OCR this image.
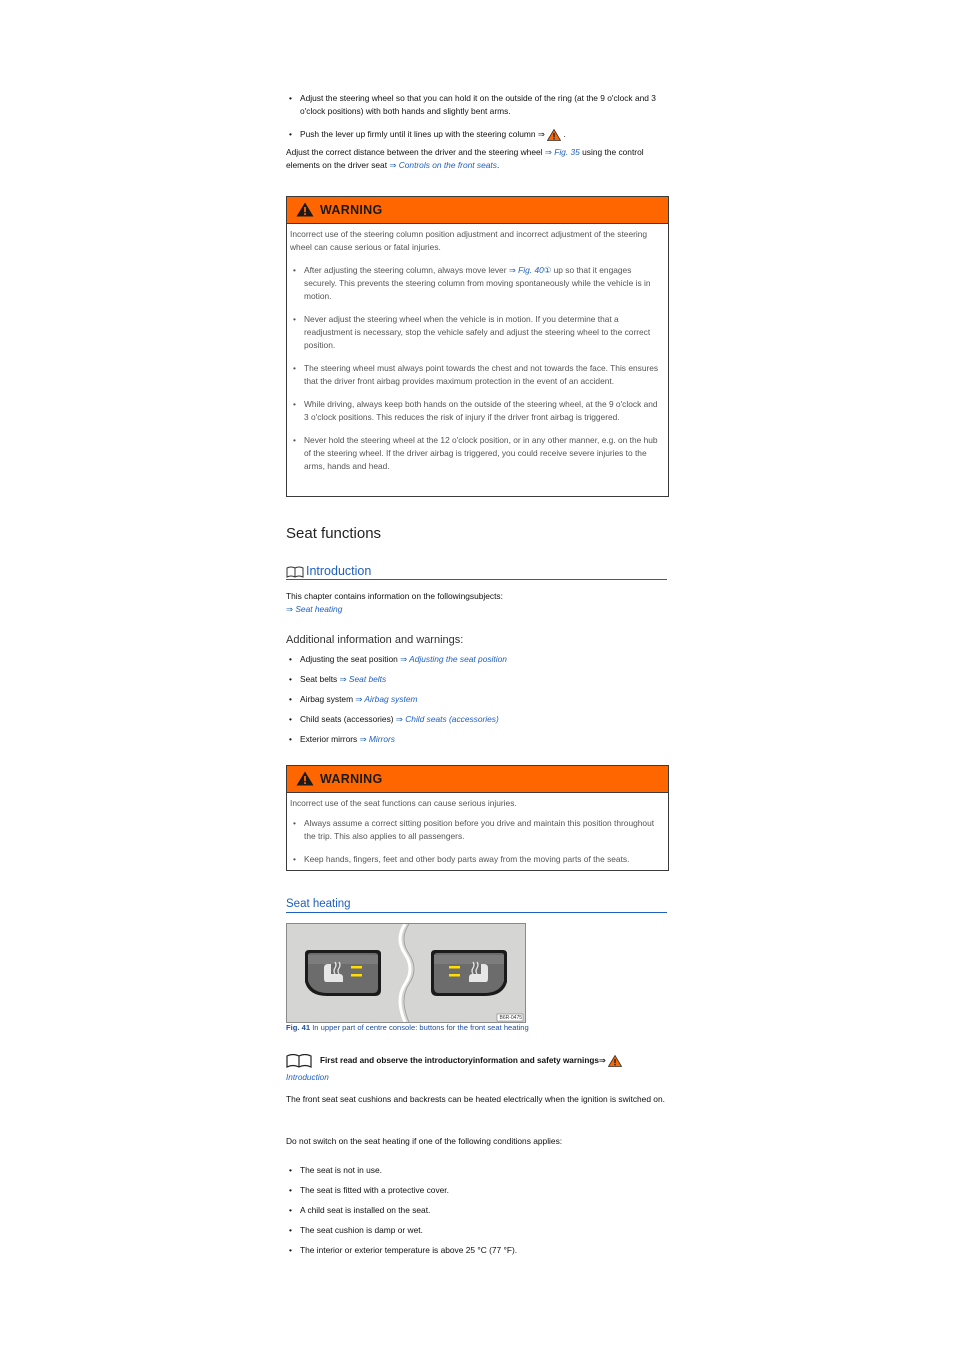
• Adjust the steering wheel so that you can hold it on the outside of the ring (at the 9 o'clock and 3 o'clock positions) with both hands and slightly bent arms.
• Push the lever up firmly until it lines up with the steering column ⇒ .
Adjust the correct distance between the driver and the steering wheel ⇒ Fig. 35 using the control elements on the driver seat ⇒ Controls on the front seats.
WARNING
Incorrect use of the steering column position adjustment and incorrect adjustment of the steering wheel can cause serious or fatal injuries.
• After adjusting the steering column, always move lever ⇒ Fig. 40① up so that it engages securely. This prevents the steering column from moving spontaneously while the vehicle is in motion.
• Never adjust the steering wheel when the vehicle is in motion. If you determine that a readjustment is necessary, stop the vehicle safely and adjust the steering wheel to the correct position.
• The steering wheel must always point towards the chest and not towards the face. This ensures that the driver front airbag provides maximum protection in the event of an accident.
• While driving, always keep both hands on the outside of the steering wheel, at the 9 o'clock and 3 o'clock positions. This reduces the risk of injury if the driver front airbag is triggered.
• Never hold the steering wheel at the 12 o'clock position, or in any other manner, e.g. on the hub of the steering wheel. If the driver airbag is triggered, you could receive severe injuries to the arms, hands and head.
Seat functions
Introduction
This chapter contains information on the followingsubjects:
⇒ Seat heating
Additional information and warnings:
• Adjusting the seat position ⇒ Adjusting the seat position
• Seat belts ⇒ Seat belts
• Airbag system ⇒ Airbag system
• Child seats (accessories) ⇒ Child seats (accessories)
• Exterior mirrors ⇒ Mirrors
WARNING
Incorrect use of the seat functions can cause serious injuries.
• Always assume a correct sitting position before you drive and maintain this position throughout the trip. This also applies to all passengers.
• Keep hands, fingers, feet and other body parts away from the moving parts of the seats.
Seat heating
B6R-0475
Fig. 41 In upper part of centre console: buttons for the front seat heating
First read and observe the introductoryinformation and safety warnings⇒
Introduction
The front seat seat cushions and backrests can be heated electrically when the ignition is switched on.
Do not switch on the seat heating if one of the following conditions applies:
• The seat is not in use.
• The seat is fitted with a protective cover.
• A child seat is installed on the seat.
• The seat cushion is damp or wet.
• The interior or exterior temperature is above 25 °C (77 °F).
